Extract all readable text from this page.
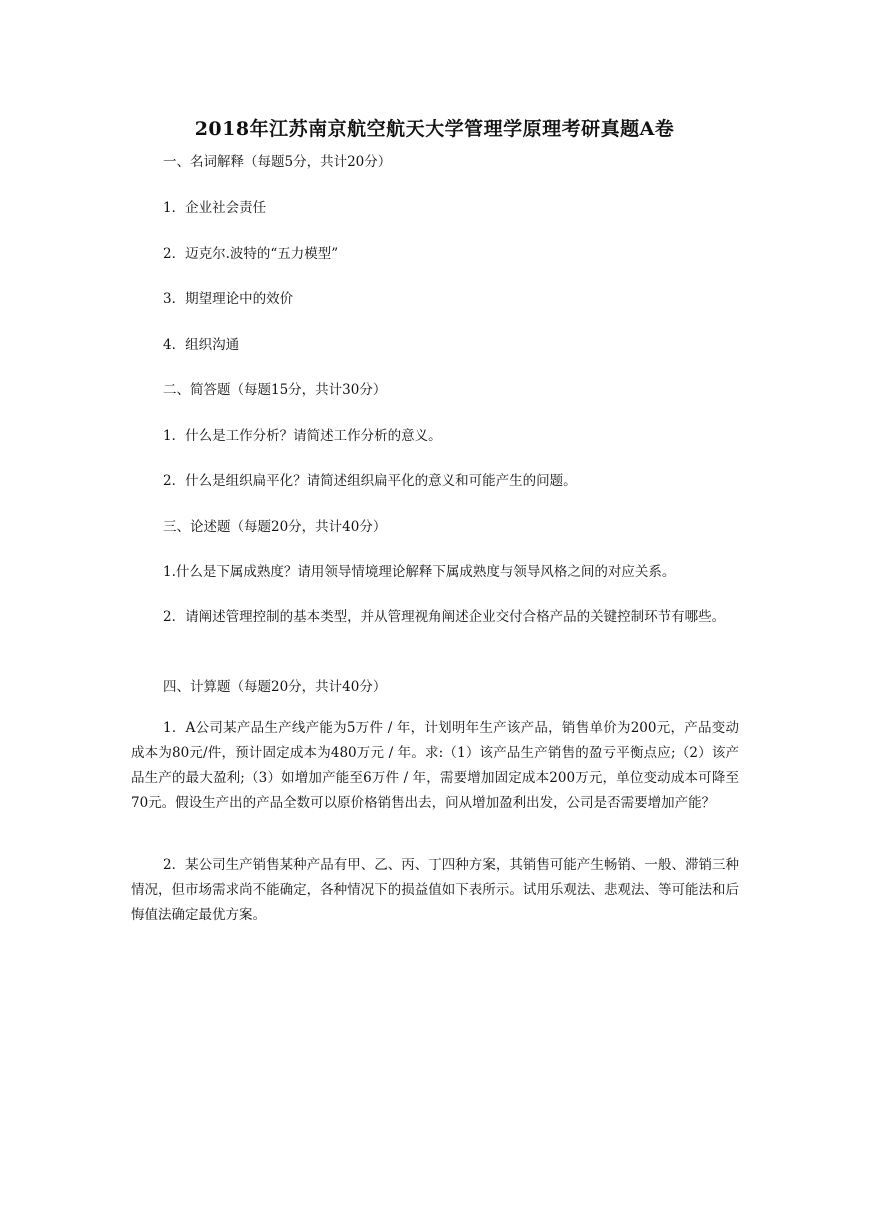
2018年江苏南京航空航天大学管理学原理考研真题A卷
一、名词解释（每题5分，共计20分）
1．企业社会责任
2．迈克尔.波特的“五力模型”
3．期望理论中的效价
4．组织沟通
二、简答题（每题15分，共计30分）
1．什么是工作分析？请简述工作分析的意义。
2．什么是组织扁平化？请简述组织扁平化的意义和可能产生的问题。
三、论述题（每题20分，共计40分）
1.什么是下属成熟度？请用领导情境理论解释下属成熟度与领导风格之间的对应关系。
2．请阐述管理控制的基本类型，并从管理视角阐述企业交付合格产品的关键控制环节有哪些。
四、计算题（每题20分，共计40分）
1．A公司某产品生产线产能为5万件 / 年，计划明年生产该产品，销售单价为200元，产品变动成本为80元/件，预计固定成本为480万元 / 年。求:（1）该产品生产销售的盈亏平衡点应;（2）该产品生产的最大盈利;（3）如增加产能至6万件 / 年，需要增加固定成本200万元，单位变动成本可降至70元。假设生产出的产品全数可以原价格销售出去，问从增加盈利出发，公司是否需要增加产能？
2．某公司生产销售某种产品有甲、乙、丙、丁四种方案，其销售可能产生畅销、一般、滞销三种情况，但市场需求尚不能确定，各种情况下的损益值如下表所示。试用乐观法、悲观法、等可能法和后悔值法确定最优方案。
